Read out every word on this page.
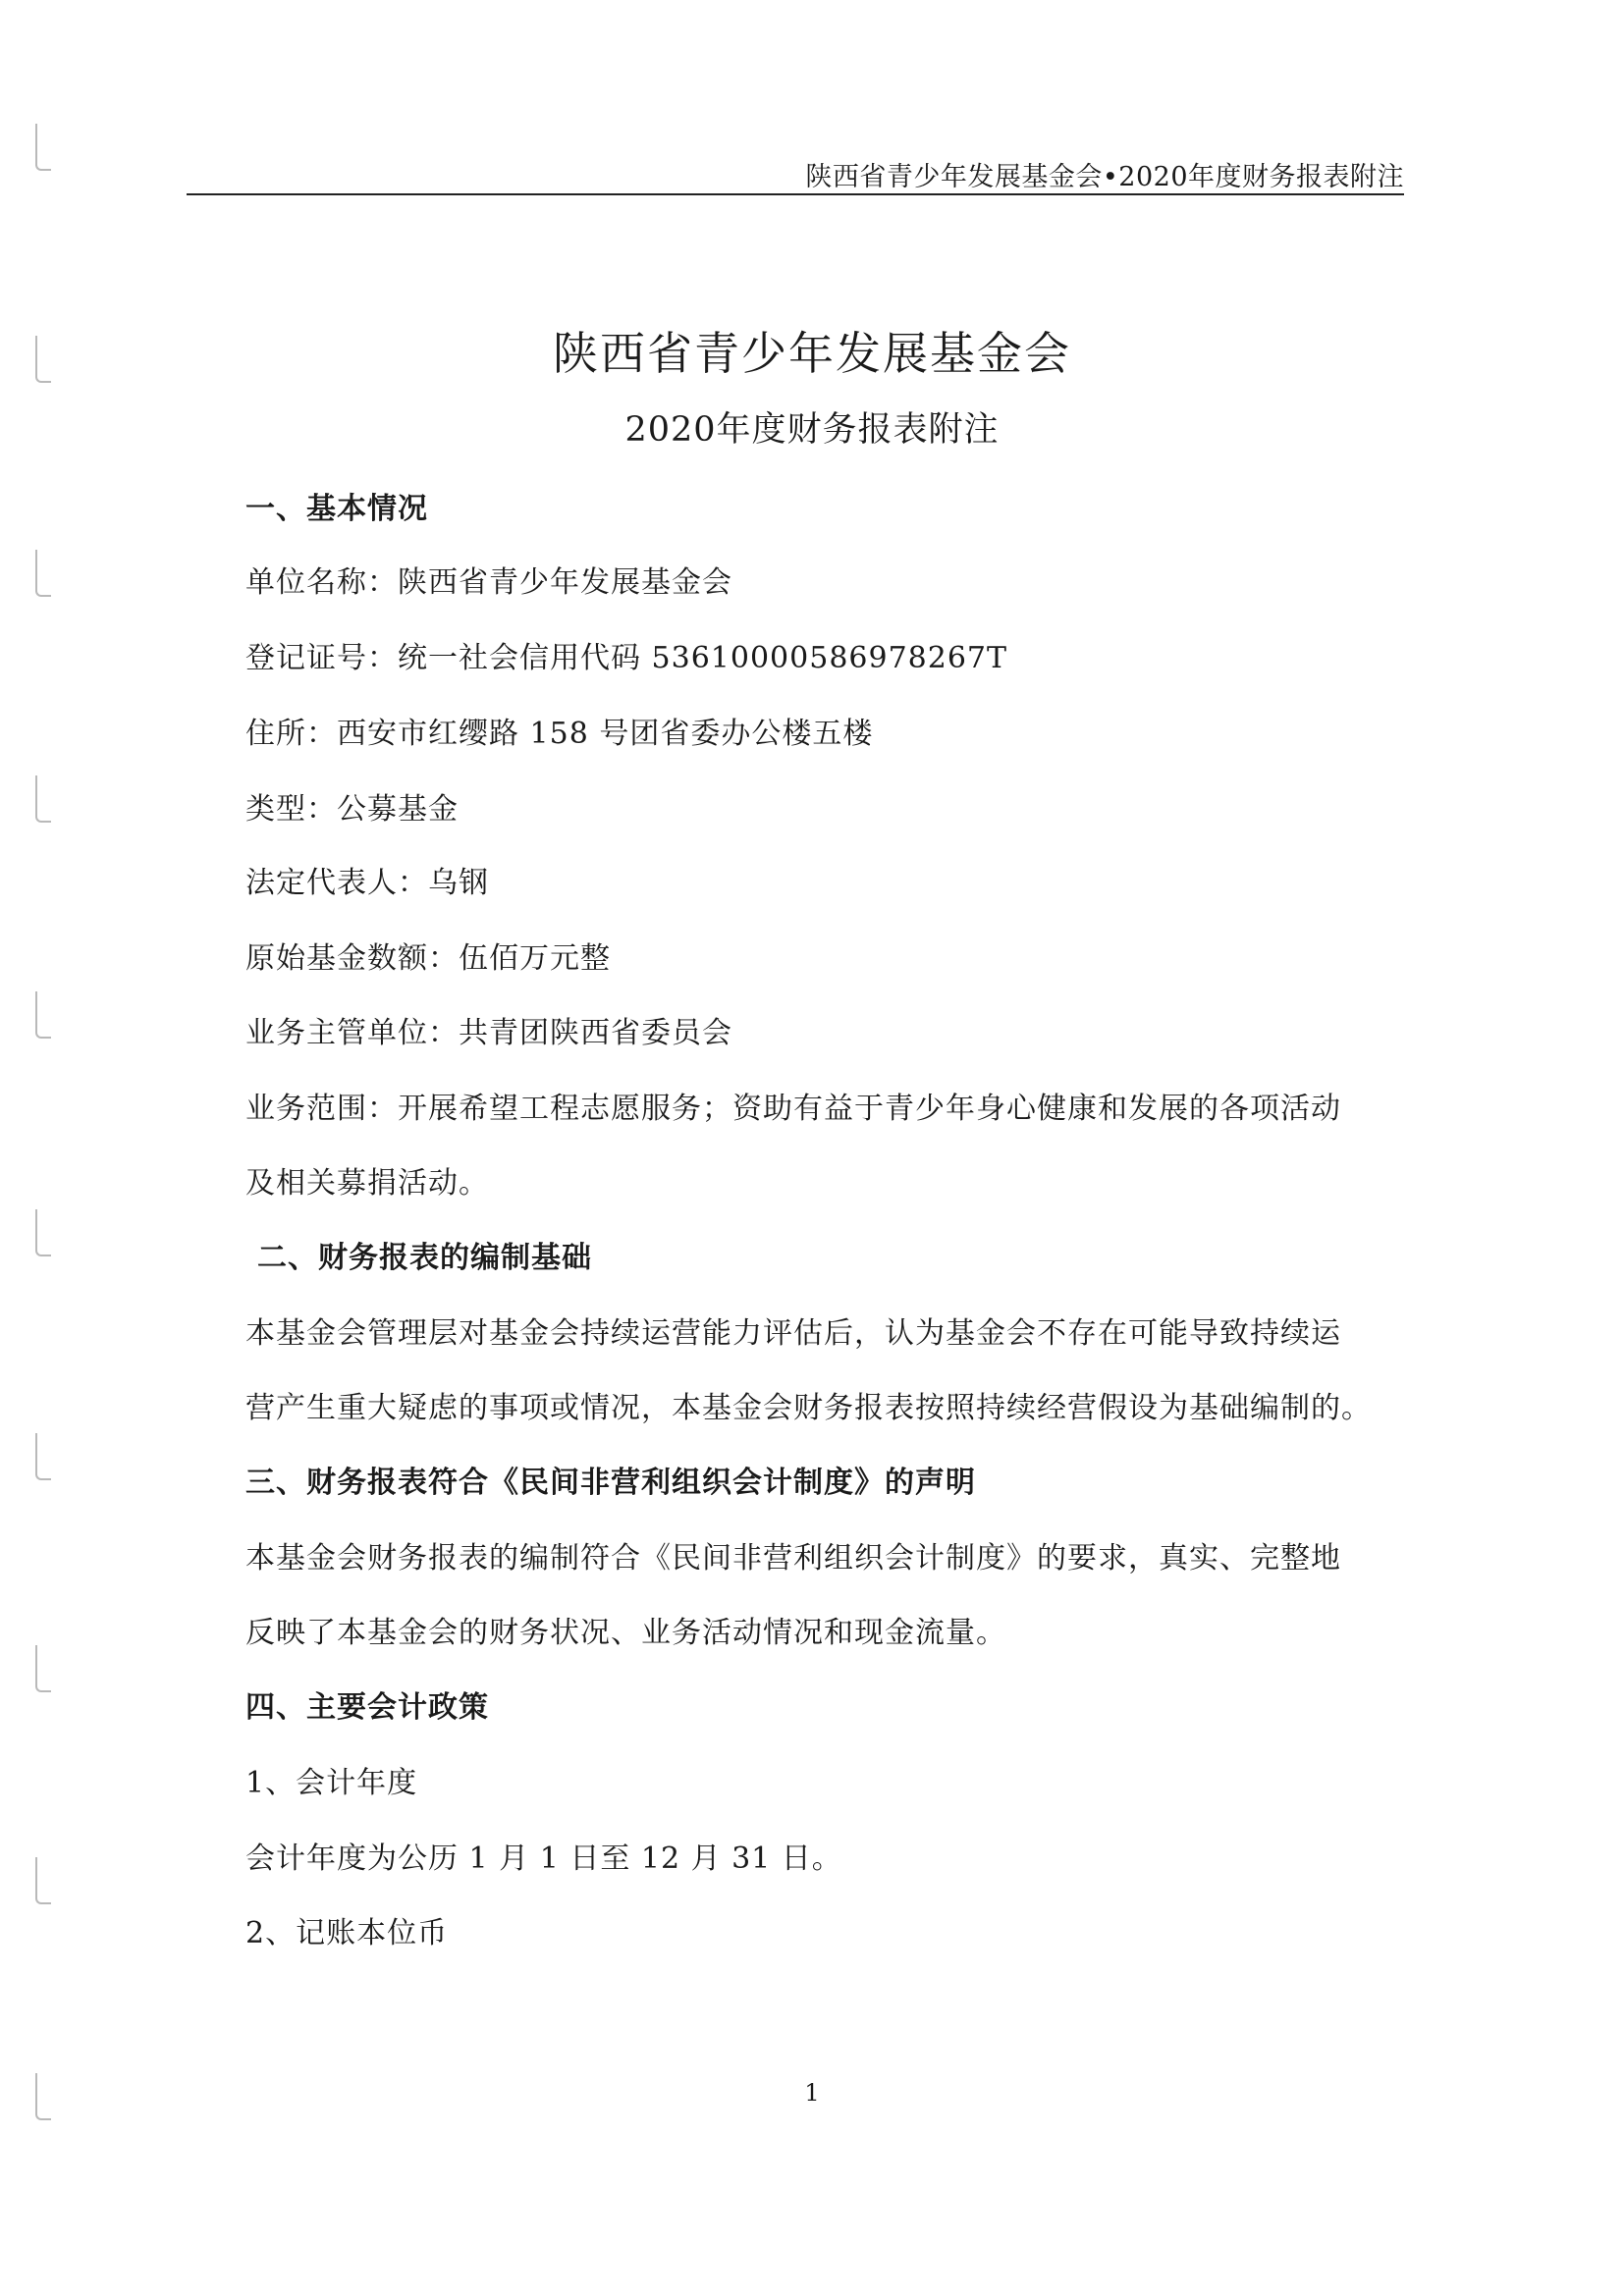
陕西省青少年发展基金会•2020年度财务报表附注
陕西省青少年发展基金会
2020年度财务报表附注
一、基本情况
单位名称：陕西省青少年发展基金会
登记证号：统一社会信用代码 53610000586978267T
住所：西安市红缨路 158 号团省委办公楼五楼
类型：公募基金
法定代表人：乌钢
原始基金数额：伍佰万元整
业务主管单位：共青团陕西省委员会
业务范围：开展希望工程志愿服务；资助有益于青少年身心健康和发展的各项活动
及相关募捐活动。
二、财务报表的编制基础
本基金会管理层对基金会持续运营能力评估后，认为基金会不存在可能导致持续运
营产生重大疑虑的事项或情况，本基金会财务报表按照持续经营假设为基础编制的。
三、财务报表符合《民间非营利组织会计制度》的声明
本基金会财务报表的编制符合《民间非营利组织会计制度》的要求，真实、完整地
反映了本基金会的财务状况、业务活动情况和现金流量。
四、主要会计政策
1、会计年度
会计年度为公历 1 月 1 日至 12 月 31 日。
2、记账本位币
1
